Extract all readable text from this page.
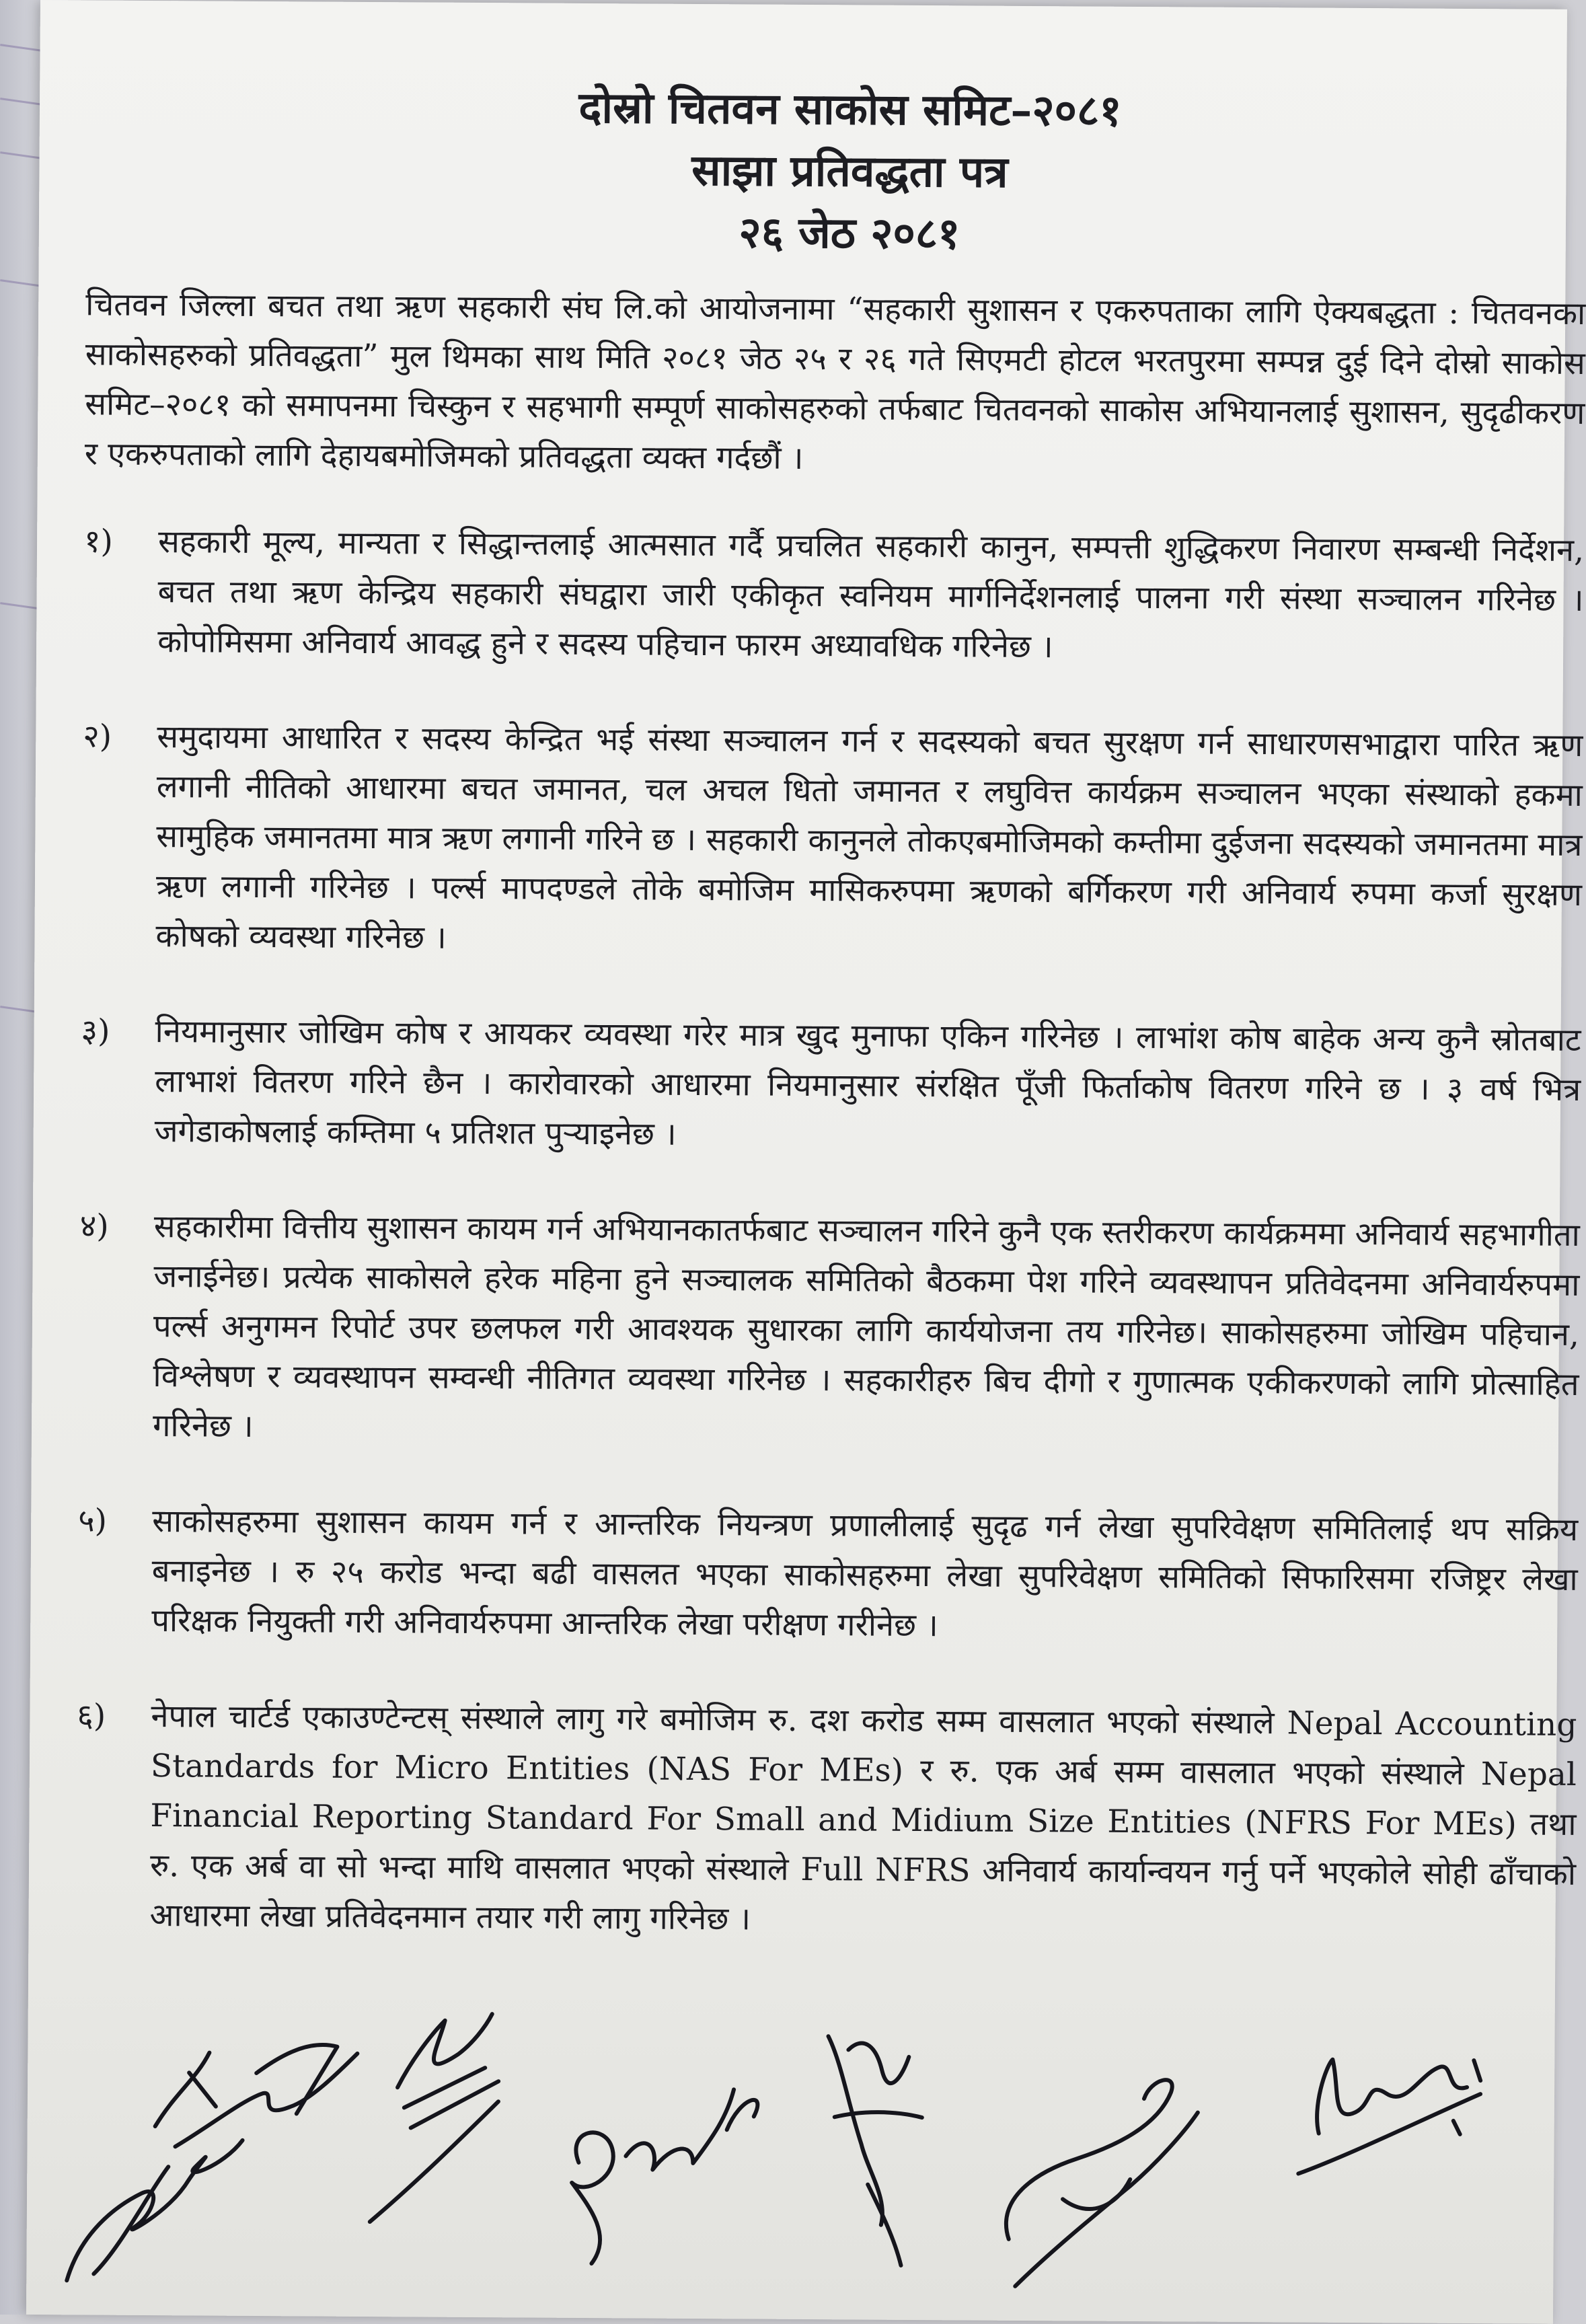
दोस्रो चितवन साकोस समिट–२०८१

साझा प्रतिवद्धता पत्र

२६ जेठ २०८१

चितवन जिल्ला बचत तथा ऋण सहकारी संघ लि.को आयोजनामा “सहकारी सुशासन र एकरुपताका लागि ऐक्यबद्धता : चितवनका साकोसहरुको प्रतिवद्धता” मुल थिमका साथ मिति २०८१ जेठ २५ र २६ गते सिएमटी होटल भरतपुरमा सम्पन्न दुई दिने दोस्रो साकोस समिट–२०८१ को समापनमा चिस्कुन र सहभागी सम्पूर्ण साकोसहरुको तर्फबाट चितवनको साकोस अभियानलाई सुशासन, सुदृढीकरण र एकरुपताको लागि देहायबमोजिमको प्रतिवद्धता व्यक्त गर्दछौं ।

१)	सहकारी मूल्य, मान्यता र सिद्धान्तलाई आत्मसात गर्दै प्रचलित सहकारी कानुन, सम्पत्ती शुद्धिकरण निवारण सम्बन्धी निर्देशन, बचत तथा ऋण केन्द्रिय सहकारी संघद्वारा जारी एकीकृत स्वनियम मार्गनिर्देशनलाई पालना गरी संस्था सञ्चालन गरिनेछ । कोपोमिसमा अनिवार्य आवद्ध हुने र सदस्य पहिचान फारम अध्यावधिक गरिनेछ ।
२)	समुदायमा आधारित र सदस्य केन्द्रित भई संस्था सञ्चालन गर्न र सदस्यको बचत सुरक्षण गर्न साधारणसभाद्वारा पारित ऋण लगानी नीतिको आधारमा बचत जमानत, चल अचल धितो जमानत र लघुवित्त कार्यक्रम सञ्चालन भएका संस्थाको हकमा सामुहिक जमानतमा मात्र ऋण लगानी गरिने छ । सहकारी कानुनले तोकएबमोजिमको कम्तीमा दुईजना सदस्यको जमानतमा मात्र ऋण लगानी गरिनेछ । पर्ल्स मापदण्डले तोके बमोजिम मासिकरुपमा ऋणको बर्गिकरण गरी अनिवार्य रुपमा कर्जा सुरक्षण कोषको व्यवस्था गरिनेछ ।
३)	नियमानुसार जोखिम कोष र आयकर व्यवस्था गरेर मात्र खुद मुनाफा एकिन गरिनेछ । लाभांश कोष बाहेक अन्य कुनै स्रोतबाट लाभाशं वितरण गरिने छैन । कारोवारको आधारमा नियमानुसार संरक्षित पूँजी फिर्ताकोष वितरण गरिने छ । ३ वर्ष भित्र जगेडाकोषलाई कम्तिमा ५ प्रतिशत पुऱ्याइनेछ ।
४)	सहकारीमा वित्तीय सुशासन कायम गर्न अभियानकातर्फबाट सञ्चालन गरिने कुनै एक स्तरीकरण कार्यक्रममा अनिवार्य सहभागीता जनाईनेछ। प्रत्येक साकोसले हरेक महिना हुने सञ्चालक समितिको बैठकमा पेश गरिने व्यवस्थापन प्रतिवेदनमा अनिवार्यरुपमा पर्ल्स अनुगमन रिपोर्ट उपर छलफल गरी आवश्यक सुधारका लागि कार्ययोजना तय गरिनेछ। साकोसहरुमा जोखिम पहिचान, विश्लेषण र व्यवस्थापन सम्वन्धी नीतिगत व्यवस्था गरिनेछ । सहकारीहरु बिच दीगो र गुणात्मक एकीकरणको लागि प्रोत्साहित गरिनेछ ।
५)	साकोसहरुमा सुशासन कायम गर्न र आन्तरिक नियन्त्रण प्रणालीलाई सुदृढ गर्न लेखा सुपरिवेक्षण समितिलाई थप सक्रिय बनाइनेछ । रु २५ करोड भन्दा बढी वासलत भएका साकोसहरुमा लेखा सुपरिवेक्षण समितिको सिफारिसमा रजिष्ट्रर लेखा परिक्षक नियुक्ती गरी अनिवार्यरुपमा आन्तरिक लेखा परीक्षण गरीनेछ ।
६)	नेपाल चार्टर्ड एकाउण्टेन्टस् संस्थाले लागु गरे बमोजिम रु. दश करोड सम्म वासलात भएको संस्थाले Nepal Accounting Standards for Micro Entities (NAS For MEs) र रु. एक अर्ब सम्म वासलात भएको संस्थाले Nepal Financial Reporting Standard For Small and Midium Size Entities (NFRS For MEs) तथा रु. एक अर्ब वा सो भन्दा माथि वासलात भएको संस्थाले Full NFRS अनिवार्य कार्यान्वयन गर्नु पर्ने भएकोले सोही ढाँचाको आधारमा लेखा प्रतिवेदनमान तयार गरी लागु गरिनेछ ।
